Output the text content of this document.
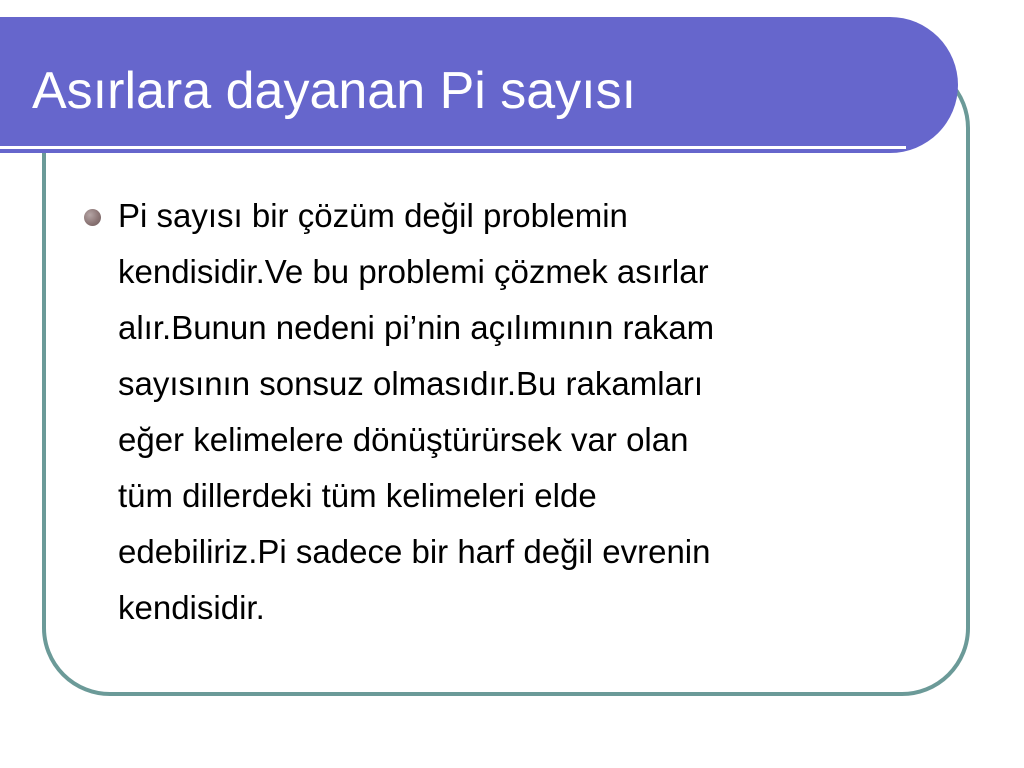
Asırlara dayanan Pi sayısı
Pi sayısı bir çözüm değil problemin
kendisidir.Ve bu problemi çözmek asırlar
alır.Bunun nedeni pi’nin açılımının rakam
sayısının sonsuz olmasıdır.Bu rakamları
eğer kelimelere dönüştürürsek var olan
tüm dillerdeki tüm kelimeleri elde
edebiliriz.Pi sadece bir harf değil evrenin
kendisidir.
